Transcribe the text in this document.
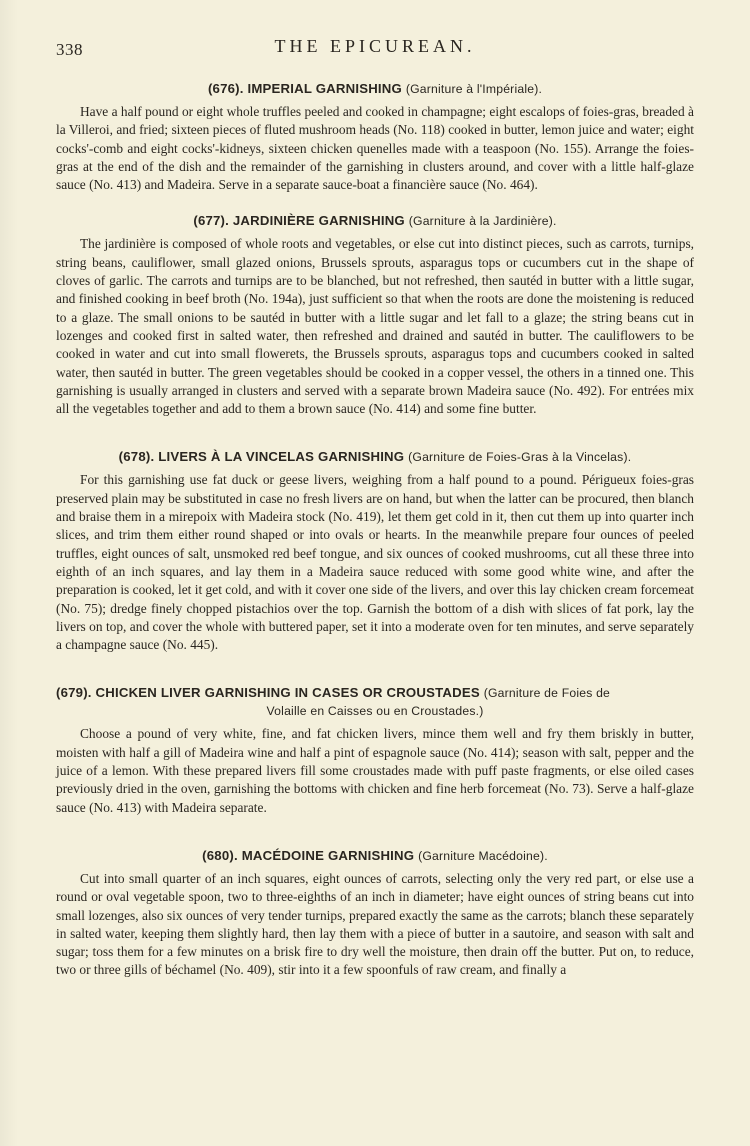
338	THE EPICUREAN.
(676). IMPERIAL GARNISHING (Garniture à l'Impériale).

Have a half pound or eight whole truffles peeled and cooked in champagne; eight escalops of foies-gras, breaded à la Villeroi, and fried; sixteen pieces of fluted mushroom heads (No. 118) cooked in butter, lemon juice and water; eight cocks'-comb and eight cocks'-kidneys, sixteen chicken quenelles made with a teaspoon (No. 155). Arrange the foies-gras at the end of the dish and the remainder of the garnishing in clusters around, and cover with a little half-glaze sauce (No. 413) and Madeira. Serve in a separate sauce-boat a financière sauce (No. 464).

(677). JARDINIÈRE GARNISHING (Garniture à la Jardinière).

The jardinière is composed of whole roots and vegetables, or else cut into distinct pieces, such as carrots, turnips, string beans, cauliflower, small glazed onions, Brussels sprouts, asparagus tops or cucumbers cut in the shape of cloves of garlic. The carrots and turnips are to be blanched, but not refreshed, then sautéd in butter with a little sugar, and finished cooking in beef broth (No. 194a), just sufficient so that when the roots are done the moistening is reduced to a glaze. The small onions to be sautéd in butter with a little sugar and let fall to a glaze; the string beans cut in lozenges and cooked first in salted water, then refreshed and drained and sautéd in butter. The cauliflowers to be cooked in water and cut into small flowerets, the Brussels sprouts, asparagus tops and cucumbers cooked in salted water, then sautéd in butter. The green vegetables should be cooked in a copper vessel, the others in a tinned one. This garnishing is usually arranged in clusters and served with a separate brown Madeira sauce (No. 492). For entrées mix all the vegetables together and add to them a brown sauce (No. 414) and some fine butter.

(678). LIVERS À LA VINCELAS GARNISHING (Garniture de Foies-Gras à la Vincelas).

For this garnishing use fat duck or geese livers, weighing from a half pound to a pound. Périgueux foies-gras preserved plain may be substituted in case no fresh livers are on hand, but when the latter can be procured, then blanch and braise them in a mirepoix with Madeira stock (No. 419), let them get cold in it, then cut them up into quarter inch slices, and trim them either round shaped or into ovals or hearts. In the meanwhile prepare four ounces of peeled truffles, eight ounces of salt, unsmoked red beef tongue, and six ounces of cooked mushrooms, cut all these three into eighth of an inch squares, and lay them in a Madeira sauce reduced with some good white wine, and after the preparation is cooked, let it get cold, and with it cover one side of the livers, and over this lay chicken cream forcemeat (No. 75); dredge finely chopped pistachios over the top. Garnish the bottom of a dish with slices of fat pork, lay the livers on top, and cover the whole with buttered paper, set it into a moderate oven for ten minutes, and serve separately a champagne sauce (No. 445).

(679). CHICKEN LIVER GARNISHING IN CASES OR CROUSTADES (Garniture de Foies de
Volaille en Caisses ou en Croustades.)

Choose a pound of very white, fine, and fat chicken livers, mince them well and fry them briskly in butter, moisten with half a gill of Madeira wine and half a pint of espagnole sauce (No. 414); season with salt, pepper and the juice of a lemon. With these prepared livers fill some croustades made with puff paste fragments, or else oiled cases previously dried in the oven, garnishing the bottoms with chicken and fine herb forcemeat (No. 73). Serve a half-glaze sauce (No. 413) with Madeira separate.

(680). MACÉDOINE GARNISHING (Garniture Macédoine).

Cut into small quarter of an inch squares, eight ounces of carrots, selecting only the very red part, or else use a round or oval vegetable spoon, two to three-eighths of an inch in diameter; have eight ounces of string beans cut into small lozenges, also six ounces of very tender turnips, prepared exactly the same as the carrots; blanch these separately in salted water, keeping them slightly hard, then lay them with a piece of butter in a sautoire, and season with salt and sugar; toss them for a few minutes on a brisk fire to dry well the moisture, then drain off the butter. Put on, to reduce, two or three gills of béchamel (No. 409), stir into it a few spoonfuls of raw cream, and finally a
